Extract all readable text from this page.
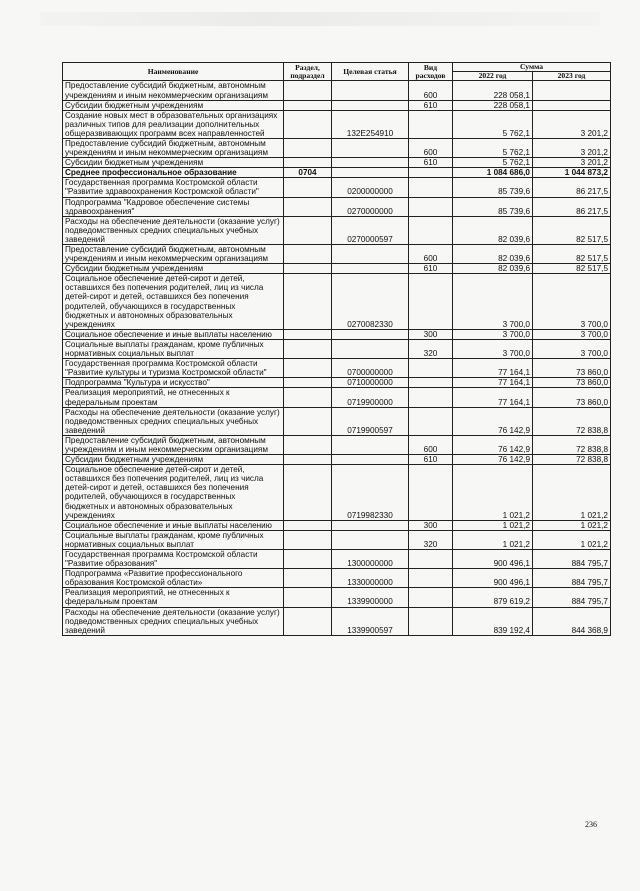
Наименование	Раздел, подраздел	Целевая статья	Вид расходов	Сумма	
				2022 год	2023 год
Предоставление субсидий бюджетным, автономным учреждениям и иным некоммерческим организациям			600	228 058,1	
Субсидии бюджетным учреждениям			610	228 058,1	
Создание новых мест в образовательных организациях различных типов для реализации дополнительных общеразвивающих программ всех направленностей		132E254910		5 762,1	3 201,2
Предоставление субсидий бюджетным, автономным учреждениям и иным некоммерческим организациям			600	5 762,1	3 201,2
Субсидии бюджетным учреждениям			610	5 762,1	3 201,2
Среднее профессиональное образование	0704			1 084 686,0	1 044 873,2
Государственная программа Костромской области "Развитие здравоохранения Костромской области"		0200000000		85 739,6	86 217,5
Подпрограмма "Кадровое обеспечение системы здравоохранения"		0270000000		85 739,6	86 217,5
Расходы на обеспечение деятельности (оказание услуг) подведомственных средних специальных учебных заведений		0270000597		82 039,6	82 517,5
Предоставление субсидий бюджетным, автономным учреждениям и иным некоммерческим организациям			600	82 039,6	82 517,5
Субсидии бюджетным учреждениям			610	82 039,6	82 517,5
Социальное обеспечение детей-сирот и детей, оставшихся без попечения родителей, лиц из числа детей-сирот и детей, оставшихся без попечения родителей, обучающихся в государственных бюджетных и автономных образовательных учреждениях		0270082330		3 700,0	3 700,0
Социальное обеспечение и иные выплаты населению			300	3 700,0	3 700,0
Социальные выплаты гражданам, кроме публичных нормативных социальных выплат			320	3 700,0	3 700,0
Государственная программа Костромской области "Развитие культуры и туризма Костромской области"		0700000000		77 164,1	73 860,0
Подпрограмма "Культура и искусство"		0710000000		77 164,1	73 860,0
Реализация мероприятий, не отнесенных к федеральным проектам		0719900000		77 164,1	73 860,0
Расходы на обеспечение деятельности (оказание услуг) подведомственных средних специальных учебных заведений		0719900597		76 142,9	72 838,8
Предоставление субсидий бюджетным, автономным учреждениям и иным некоммерческим организациям			600	76 142,9	72 838,8
Субсидии бюджетным учреждениям			610	76 142,9	72 838,8
Социальное обеспечение детей-сирот и детей, оставшихся без попечения родителей, лиц из числа детей-сирот и детей, оставшихся без попечения родителей, обучающихся в государственных бюджетных и автономных образовательных учреждениях		0719982330		1 021,2	1 021,2
Социальное обеспечение и иные выплаты населению			300	1 021,2	1 021,2
Социальные выплаты гражданам, кроме публичных нормативных социальных выплат			320	1 021,2	1 021,2
Государственная программа Костромской области "Развитие образования"		1300000000		900 496,1	884 795,7
Подпрограмма «Развитие профессионального образования Костромской области»		1330000000		900 496,1	884 795,7
Реализация мероприятий, не отнесенных к федеральным проектам		1339900000		879 619,2	884 795,7
Расходы на обеспечение деятельности (оказание услуг) подведомственных средних специальных учебных заведений		1339900597		839 192,4	844 368,9
236
